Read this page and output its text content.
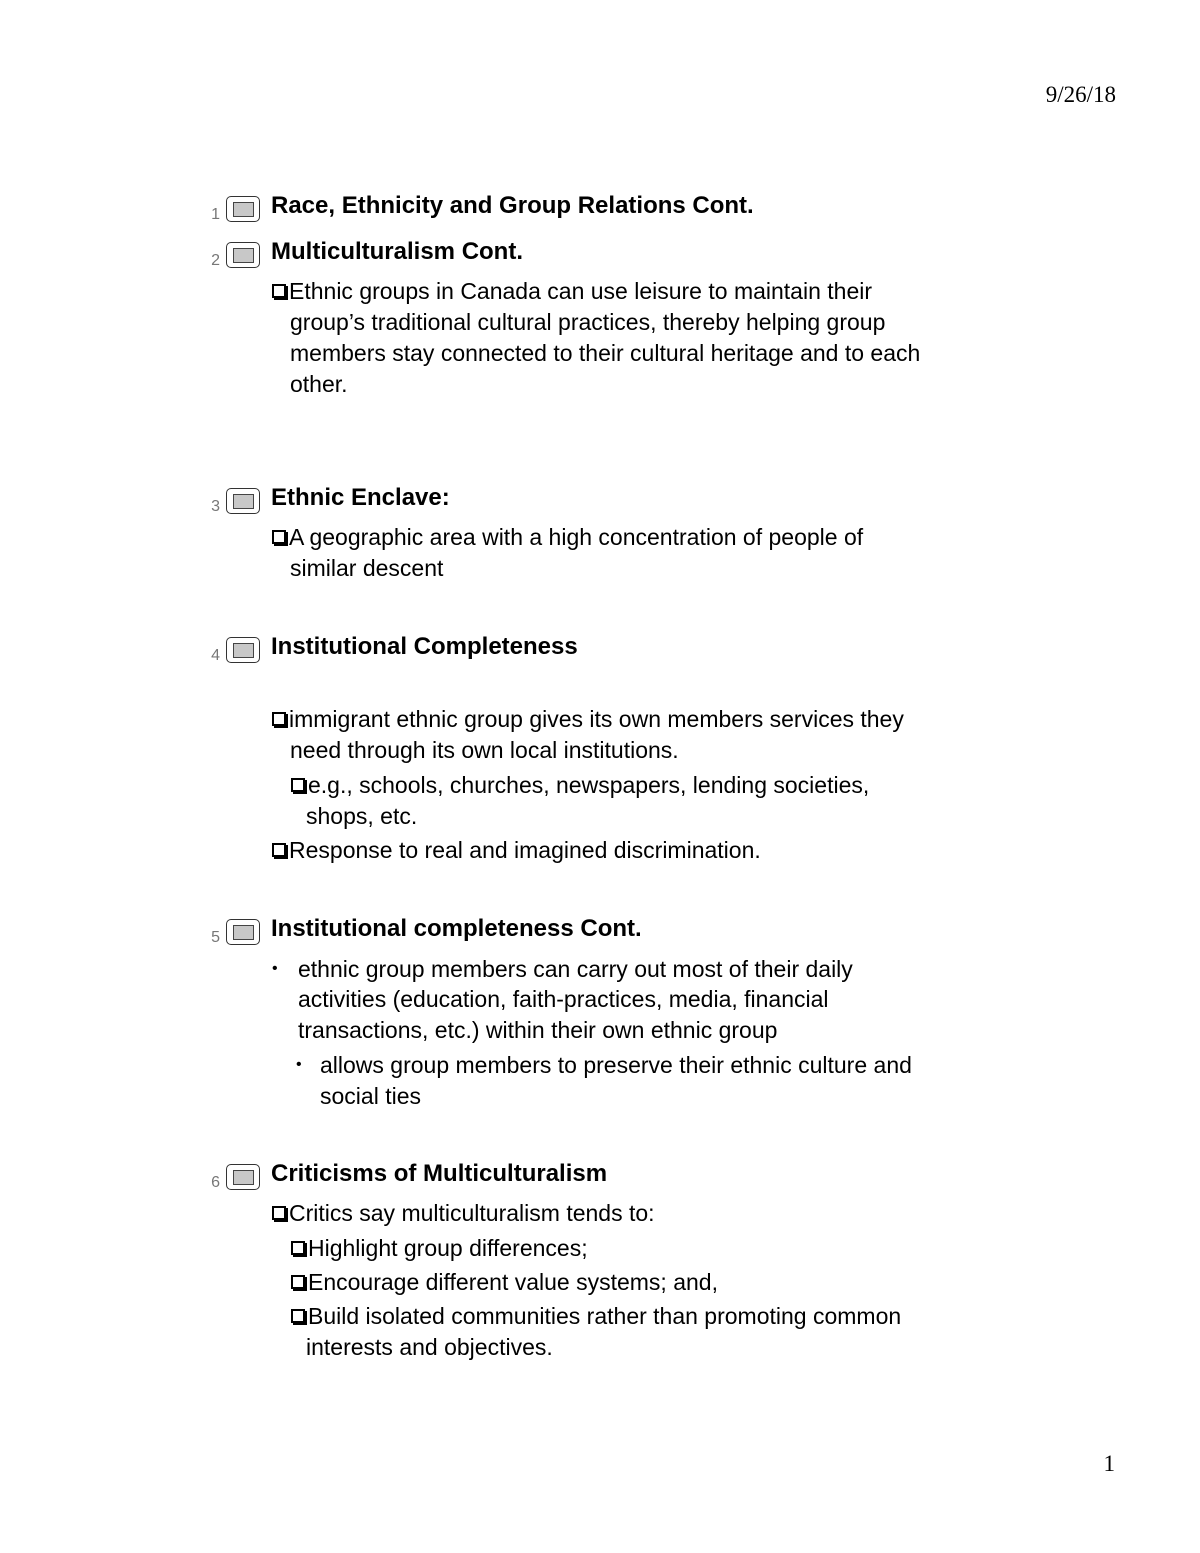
9/26/18
1 Race, Ethnicity and Group Relations Cont.
2 Multiculturalism Cont.
Ethnic groups in Canada can use leisure to maintain their
group’s traditional cultural practices, thereby helping group
members stay connected to their cultural heritage and to each
other.
3 Ethnic Enclave:
A geographic area with a high concentration of people of
similar descent
4 Institutional Completeness
immigrant ethnic group gives its own members services they
need through its own local institutions.
e.g., schools, churches, newspapers, lending societies,
shops, etc.
Response to real and imagined discrimination.
5 Institutional completeness Cont.
• ethnic group members can carry out most of their daily
activities (education, faith-practices, media, financial
transactions, etc.) within their own ethnic group
• allows group members to preserve their ethnic culture and
social ties
6 Criticisms of Multiculturalism
Critics say multiculturalism tends to:
Highlight group differences;
Encourage different value systems; and,
Build isolated communities rather than promoting common
interests and objectives.
1
